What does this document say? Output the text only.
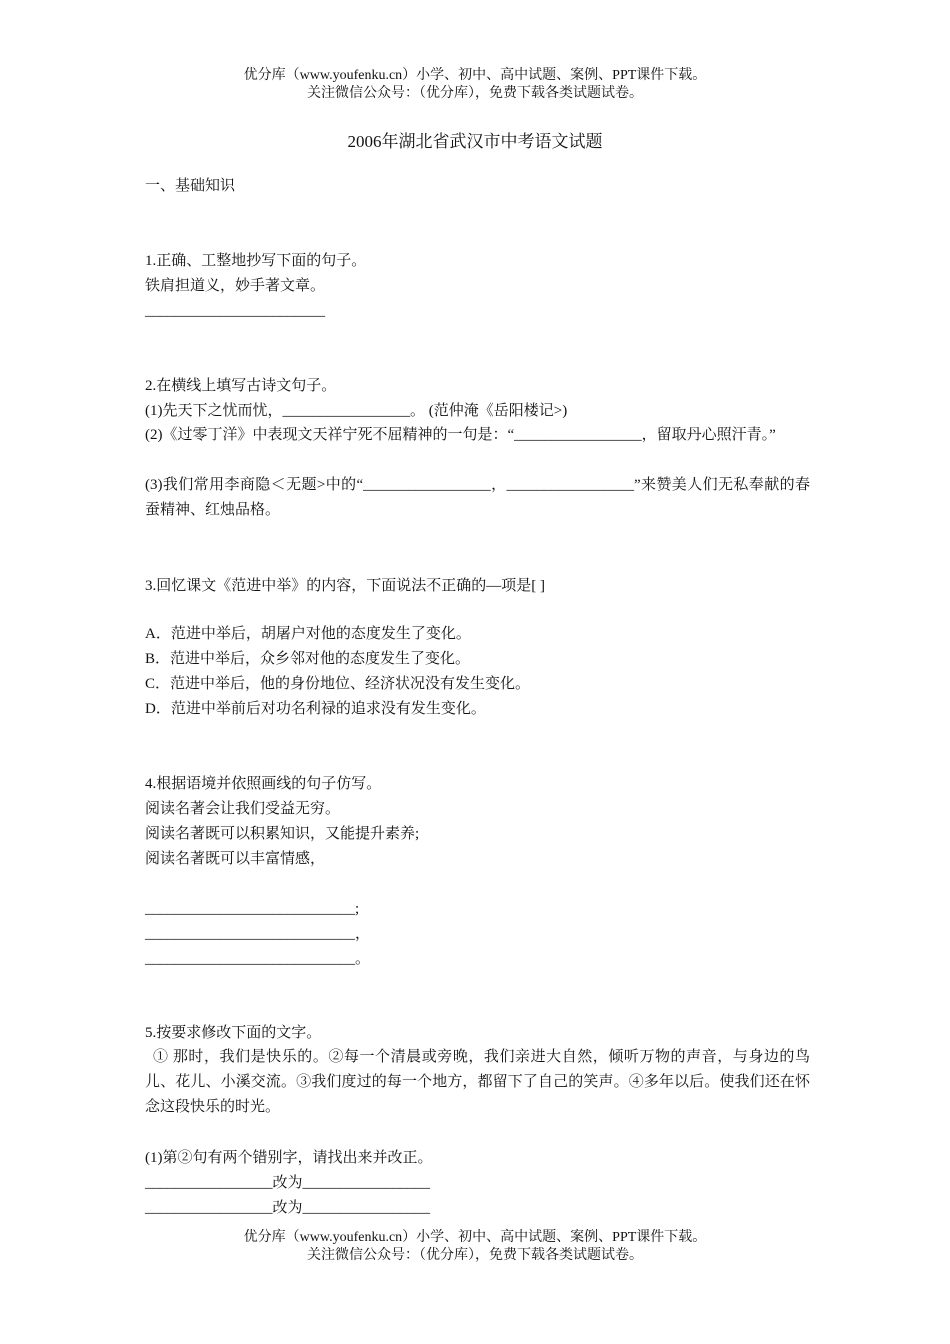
优分库（www.youfenku.cn）小学、初中、高中试题、案例、PPT课件下载。
关注微信公众号：（优分库），免费下载各类试题试卷。
2006年湖北省武汉市中考语文试题
一、基础知识
1.正确、工整地抄写下面的句子。
铁肩担道义，妙手著文章。
________________________
2.在横线上填写古诗文句子。
(1)先天下之忧而忧，_________________。 (范仲淹《岳阳楼记>)
(2)《过零丁洋》中表现文天祥宁死不屈精神的一句是：“_________________，留取丹心照汗青。”
(3)我们常用李商隐＜无题>中的“_________________，_________________”来赞美人们无私奉献的春蚕精神、红烛品格。
3.回忆课文《范进中举》的内容，下面说法不正确的—项是[ ]
A．范进中举后，胡屠户对他的态度发生了变化。
B．范进中举后，众乡邻对他的态度发生了变化。
C．范进中举后，他的身份地位、经济状况没有发生变化。
D．范进中举前后对功名利禄的追求没有发生变化。
4.根据语境并依照画线的句子仿写。
阅读名著会让我们受益无穷。
阅读名著既可以积累知识，又能提升素养;
阅读名著既可以丰富情感，
____________________________;
____________________________，
____________________________。
5.按要求修改下面的文字。
① 那时，我们是快乐的。②每一个清晨或旁晚，我们亲进大自然，倾听万物的声音，与身边的鸟儿、花儿、小溪交流。③我们度过的每一个地方，都留下了自己的笑声。④多年以后。使我们还在怀念这段快乐的时光。
(1)第②句有两个错别字，请找出来并改正。
_________________改为_________________
_________________改为_________________
优分库（www.youfenku.cn）小学、初中、高中试题、案例、PPT课件下载。
关注微信公众号：（优分库），免费下载各类试题试卷。
